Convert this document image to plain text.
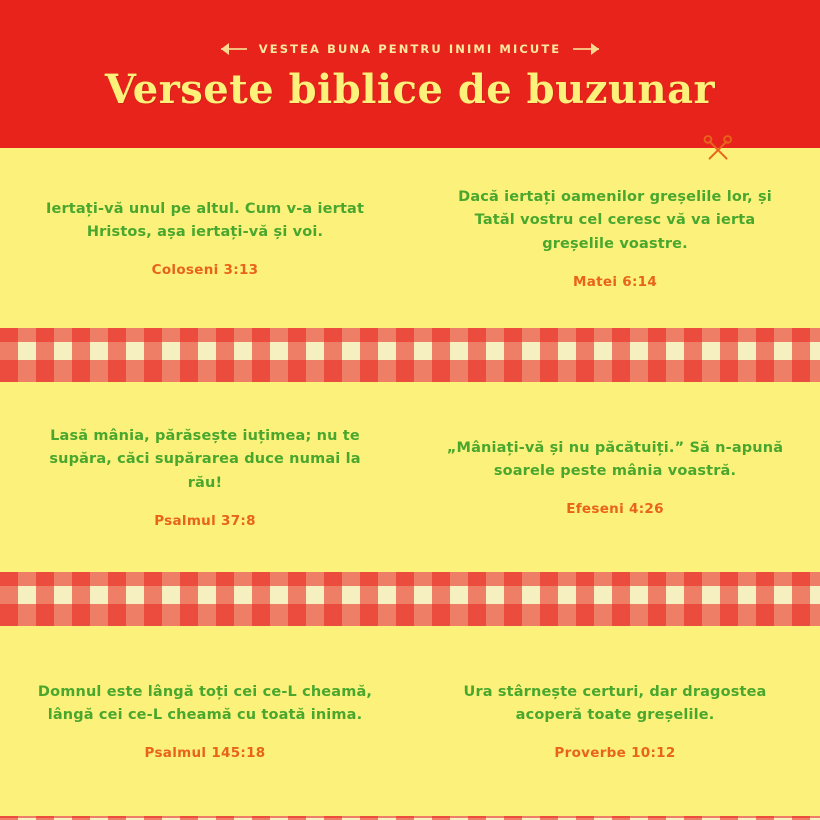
VESTEA BUNA PENTRU INIMI MICUTE
Versete biblice de buzunar
Iertați-vă unul pe altul. Cum v-a iertat Hristos, așa iertați-vă și voi.
Coloseni 3:13
Dacă iertați oamenilor greșelile lor, și Tatăl vostru cel ceresc vă va ierta greșelile voastre.
Matei 6:14
Lasă mânia, părăsește iuțimea; nu te supăra, căci supărarea duce numai la rău!
Psalmul 37:8
„Mâniați-vă și nu păcătuiți.” Să n-apună soarele peste mânia voastră.
Efeseni 4:26
Domnul este lângă toți cei ce-L cheamă, lângă cei ce-L cheamă cu toată inima.
Psalmul 145:18
Ura stârnește certuri, dar dragostea acoperă toate greșelile.
Proverbe 10:12
